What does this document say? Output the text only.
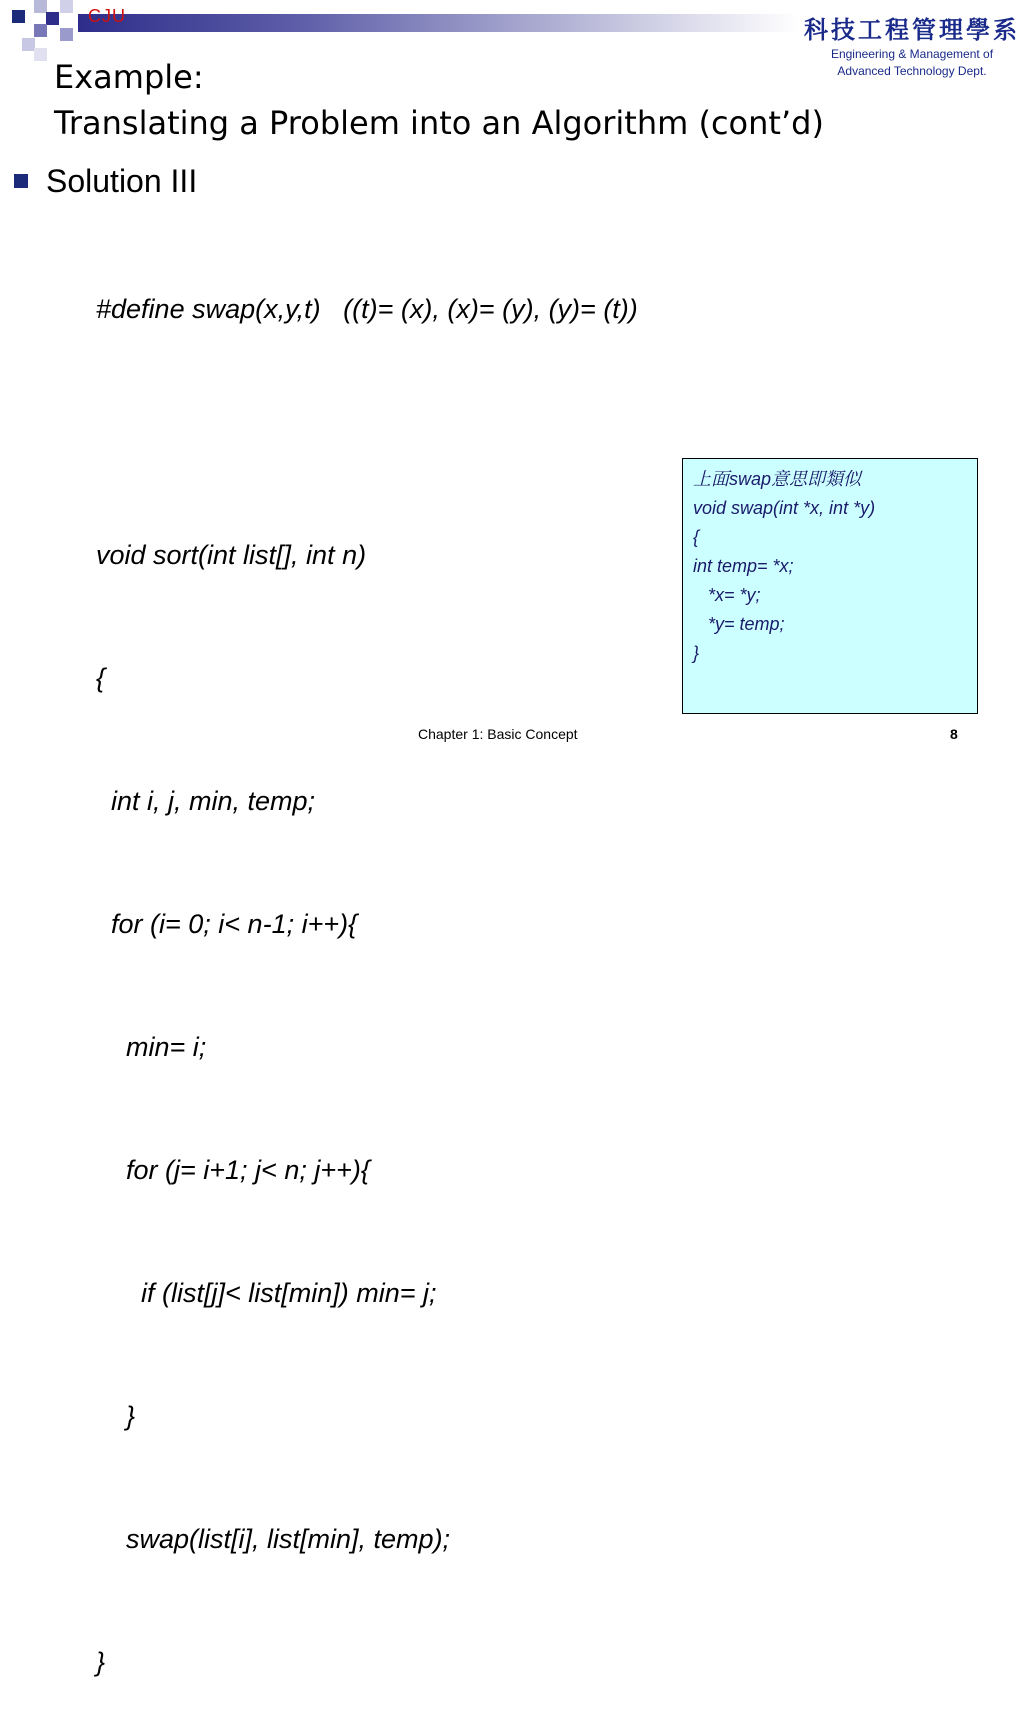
CJU	科技工程管理學系
Engineering & Management of
Advanced Technology Dept.
Example:
Translating a Problem into an Algorithm (cont’d)
Solution III

#define swap(x,y,t)   ((t)= (x), (x)= (y), (y)= (t))

void sort(int list[], int n)

{

int i, j, min, temp;

for (i= 0; i< n-1; i++){

min= i;

for (j= i+1; j< n; j++){

if (list[j]< list[min]) min= j;

}

swap(list[i], list[min], temp);

}

上面swap意思即類似
void swap(int *x, int *y)
{
int temp= *x;
*x= *y;
*y= temp;
}
Chapter 1: Basic Concept	8
